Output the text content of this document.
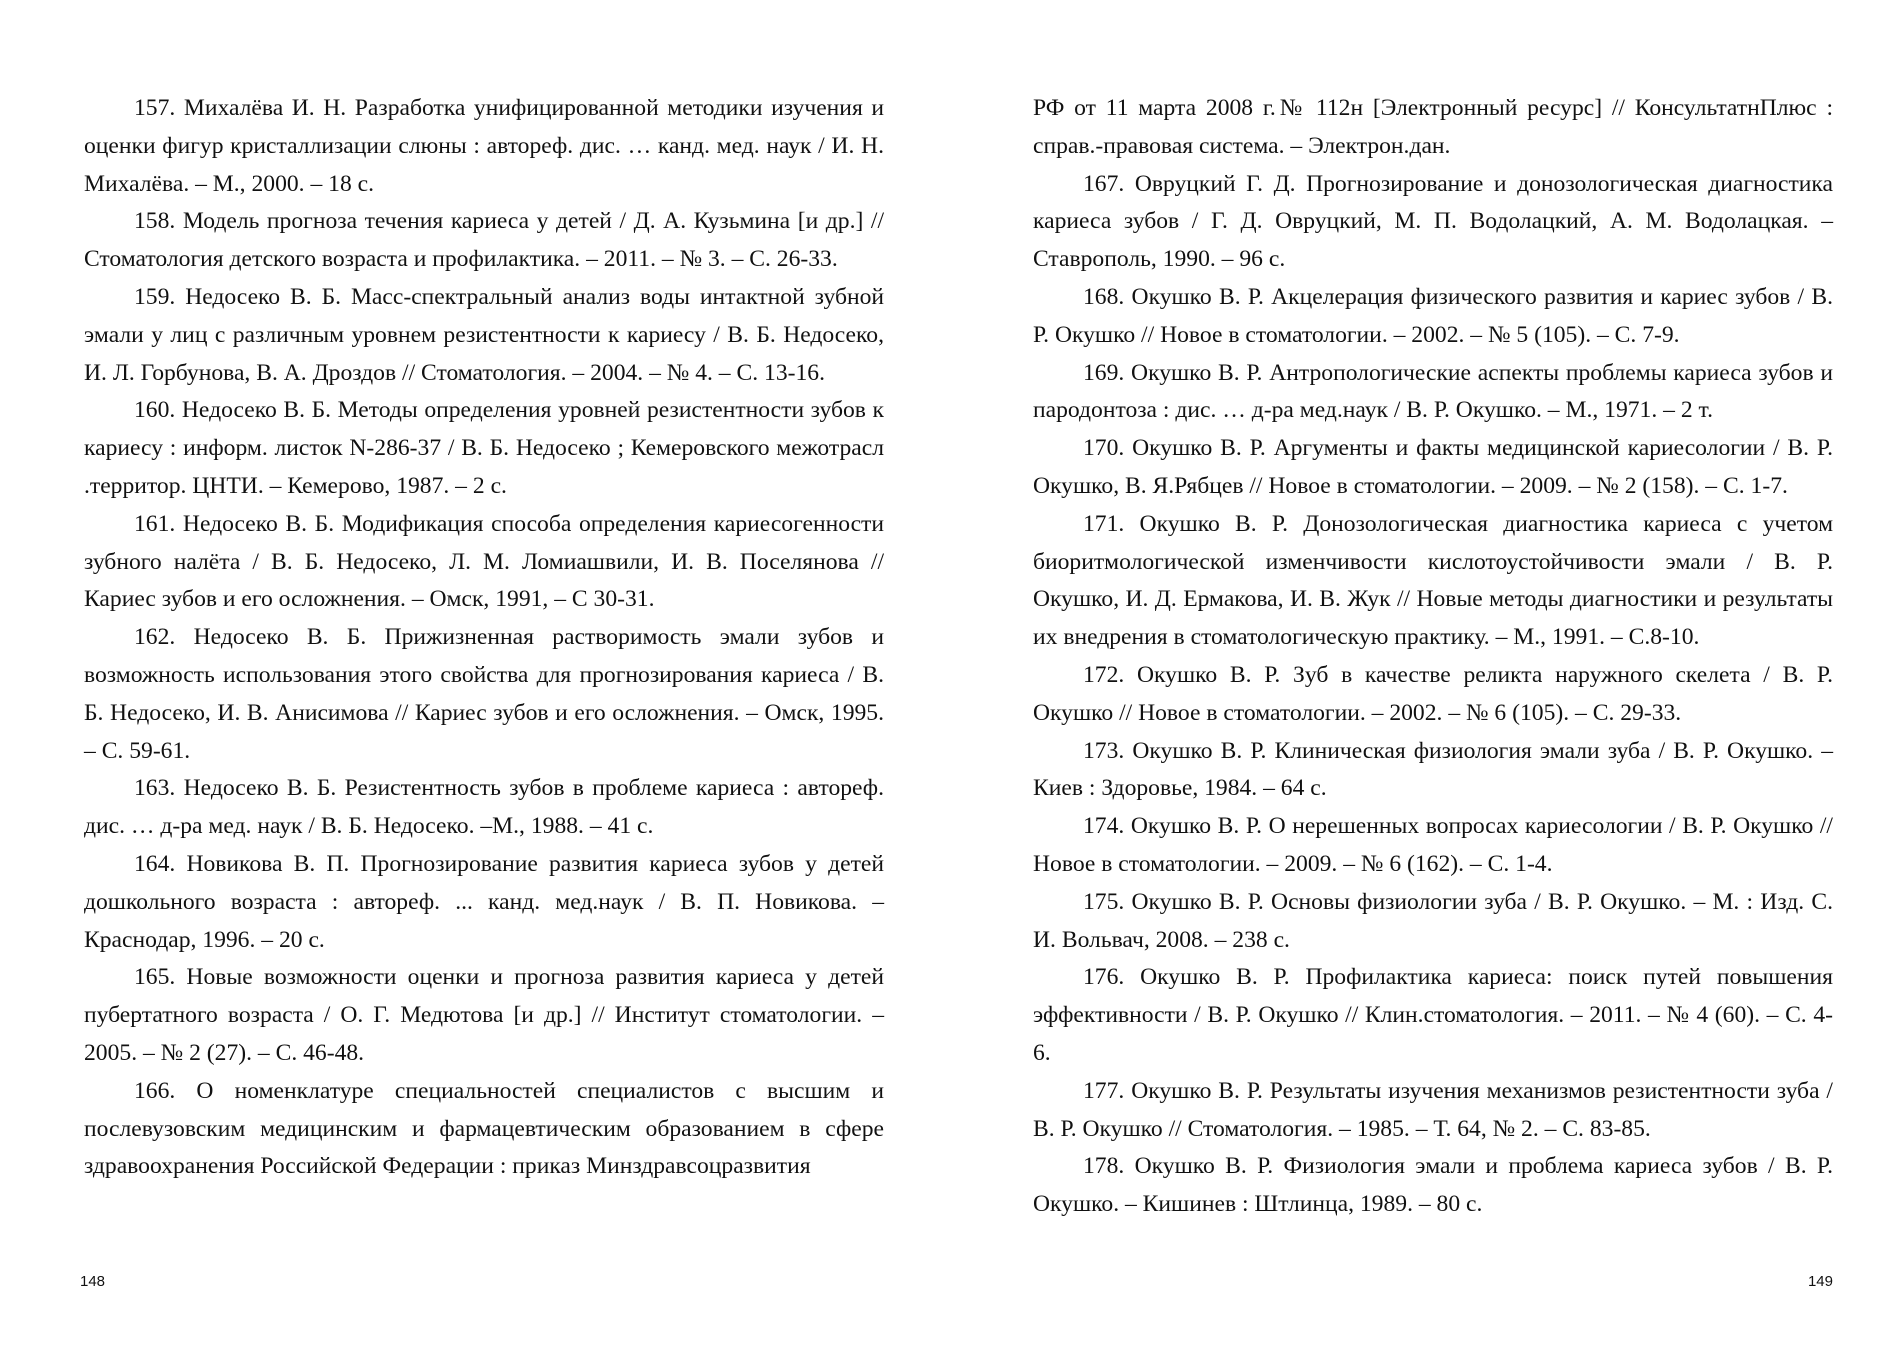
157. Михалёва И. Н. Разработка унифицированной методики изучения и оценки фигур кристаллизации слюны : автореф. дис. … канд. мед. наук / И. Н. Михалёва. – М., 2000. – 18 с.

158. Модель прогноза течения кариеса у детей / Д. А. Кузьмина [и др.] // Стоматология детского возраста и профилактика. – 2011. – № 3. – С. 26-33.

159. Недосеко В. Б. Масс-спектральный анализ воды интактной зубной эмали у лиц с различным уровнем резистентности к кариесу / В. Б. Недосеко, И. Л. Горбунова, В. А. Дроздов // Стоматология. – 2004. – № 4. – С. 13-16.

160. Недосеко В. Б. Методы определения уровней резистентности зубов к кариесу : информ. листок N-286-37 / В. Б. Недосеко ; Кемеровского межотрасл .территор. ЦНТИ. – Кемерово, 1987. – 2 с.

161. Недосеко В. Б. Модификация способа определения кариесогенности зубного налёта / В. Б. Недосеко, Л. М. Ломиашвили, И. В. Поселянова // Кариес зубов и его осложнения. – Омск, 1991, – С 30-31.

162. Недосеко В. Б. Прижизненная растворимость эмали зубов и возможность использования этого свойства для прогнозирования кариеса / В. Б. Недосеко, И. В. Анисимова // Кариес зубов и его осложнения. – Омск, 1995. – С. 59-61.

163. Недосеко В. Б. Резистентность зубов в проблеме кариеса : автореф. дис. … д-ра мед. наук / В. Б. Недосеко. –М., 1988. – 41 с.

164. Новикова В. П. Прогнозирование развития кариеса зубов у детей дошкольного возраста : автореф. ... канд. мед.наук / В. П. Новикова. – Краснодар, 1996. – 20 с.

165. Новые возможности оценки и прогноза развития кариеса у детей пубертатного возраста / О. Г. Медютова [и др.] // Институт стоматологии. – 2005. – № 2 (27). – С. 46-48.

166. О номенклатуре специальностей специалистов с высшим и послевузовским медицинским и фармацевтическим образованием в сфере здравоохранения Российской Федерации : приказ Минздравсоцразвития

148

РФ от 11 марта 2008 г.№ 112н [Электронный ресурс] // КонсультатнПлюс : справ.-правовая система. – Электрон.дан.

167. Овруцкий Г. Д. Прогнозирование и донозологическая диагностика кариеса зубов / Г. Д. Овруцкий, М. П. Водолацкий, А. М. Водолацкая. – Ставрополь, 1990. – 96 с.

168. Окушко В. Р. Акцелерация физического развития и кариес зубов / В. Р. Окушко // Новое в стоматологии. – 2002. – № 5 (105). – С. 7-9.

169. Окушко В. Р. Антропологические аспекты проблемы кариеса зубов и пародонтоза : дис. … д-ра мед.наук / В. Р. Окушко. – М., 1971. – 2 т.

170. Окушко В. Р. Аргументы и факты медицинской кариесологии / В. Р. Окушко, В. Я.Рябцев // Новое в стоматологии. – 2009. – № 2 (158). – С. 1-7.

171. Окушко В. Р. Донозологическая диагностика кариеса с учетом биоритмологической изменчивости кислотоустойчивости эмали / В. Р. Окушко, И. Д. Ермакова, И. В. Жук // Новые методы диагностики и результаты их внедрения в стоматологическую практику. – М., 1991. – С.8-10.

172. Окушко В. Р. Зуб в качестве реликта наружного скелета / В. Р. Окушко // Новое в стоматологии. – 2002. – № 6 (105). – С. 29-33.

173. Окушко В. Р. Клиническая физиология эмали зуба / В. Р. Окушко. – Киев : Здоровье, 1984. – 64 с.

174. Окушко В. Р. О нерешенных вопросах кариесологии / В. Р. Окушко // Новое в стоматологии. – 2009. – № 6 (162). – С. 1-4.

175. Окушко В. Р. Основы физиологии зуба / В. Р. Окушко. – М. : Изд. С. И. Вольвач, 2008. – 238 с.

176. Окушко В. Р. Профилактика кариеса: поиск путей повышения эффективности / В. Р. Окушко // Клин.стоматология. – 2011. – № 4 (60). – С. 4-6.

177. Окушко В. Р. Результаты изучения механизмов резистентности зуба / В. Р. Окушко // Стоматология. – 1985. – Т. 64, № 2. – С. 83-85.

178. Окушко В. Р. Физиология эмали и проблема кариеса зубов / В. Р. Окушко. – Кишинев : Штлинца, 1989. – 80 с.

149
